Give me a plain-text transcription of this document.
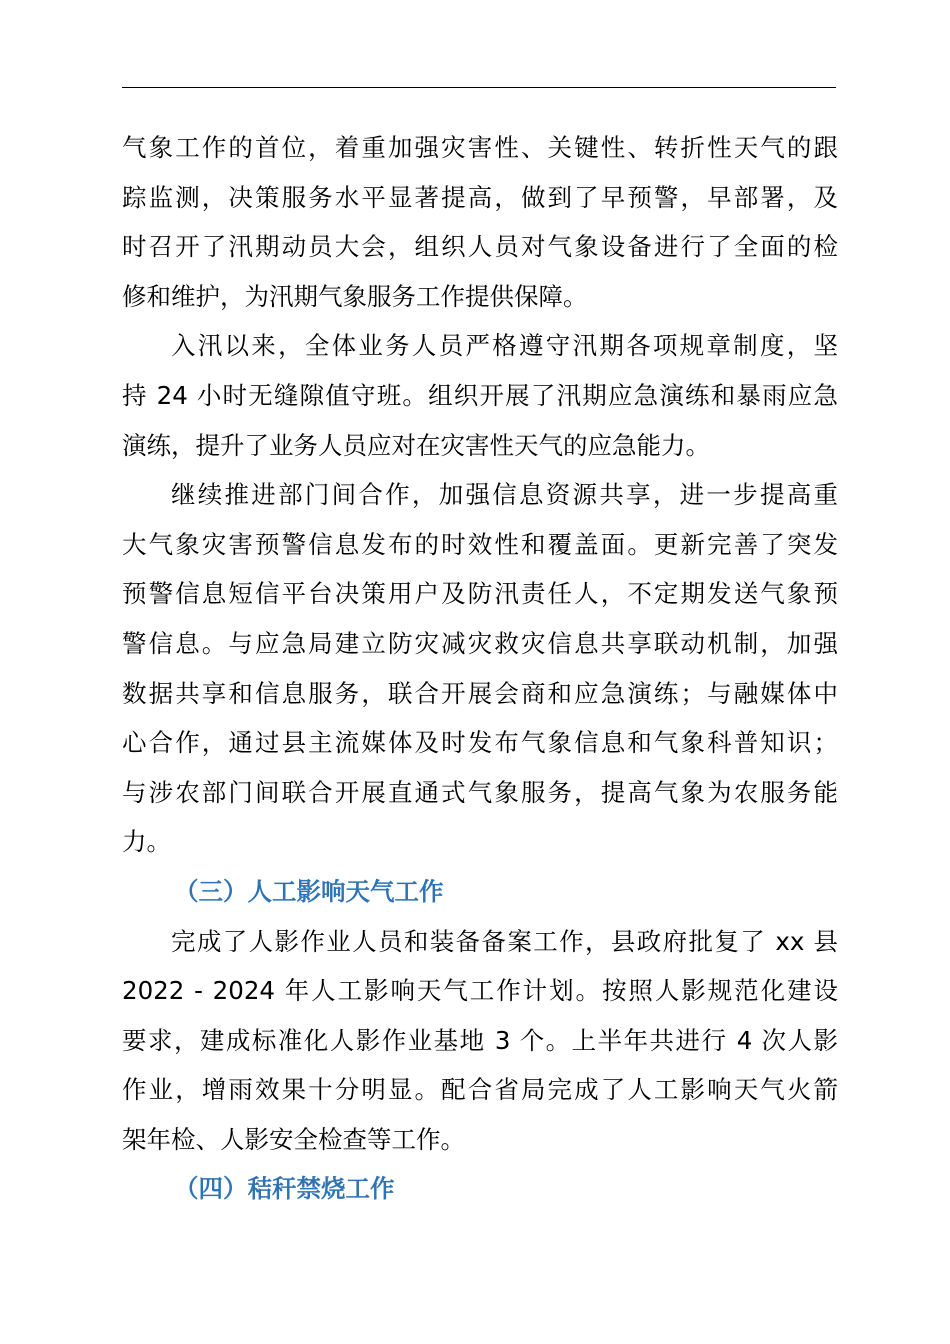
气象工作的首位，着重加强灾害性、关键性、转折性天气的跟
踪监测，决策服务水平显著提高，做到了早预警，早部署，及
时召开了汛期动员大会，组织人员对气象设备进行了全面的检
修和维护，为汛期气象服务工作提供保障。

入汛以来，全体业务人员严格遵守汛期各项规章制度，坚
持 24 小时无缝隙值守班。组织开展了汛期应急演练和暴雨应急
演练，提升了业务人员应对在灾害性天气的应急能力。

继续推进部门间合作，加强信息资源共享，进一步提高重
大气象灾害预警信息发布的时效性和覆盖面。更新完善了突发
预警信息短信平台决策用户及防汛责任人，不定期发送气象预
警信息。与应急局建立防灾减灾救灾信息共享联动机制，加强
数据共享和信息服务，联合开展会商和应急演练；与融媒体中
心合作，通过县主流媒体及时发布气象信息和气象科普知识；
与涉农部门间联合开展直通式气象服务，提高气象为农服务能
力。

（三）人工影响天气工作

完成了人影作业人员和装备备案工作，县政府批复了 xx 县
2022 - 2024 年人工影响天气工作计划。按照人影规范化建设
要求，建成标准化人影作业基地 3 个。上半年共进行 4 次人影
作业，增雨效果十分明显。配合省局完成了人工影响天气火箭
架年检、人影安全检查等工作。

（四）秸秆禁烧工作
